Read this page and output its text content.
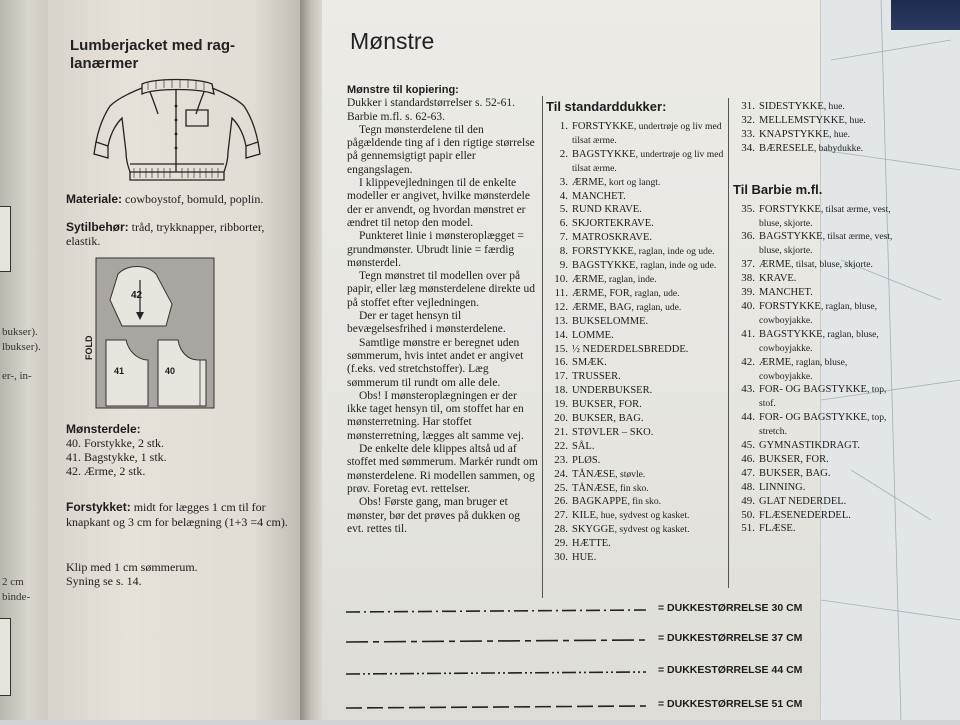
bukser).
lbukser).
er-, in-
2 cm
binde-
Lumberjacket med rag-lanærmer
Materiale: cowboystof, bomuld, poplin.
Sytilbehør: tråd, trykknapper, ribborter, elastik.
42
41	40
FOLD
Mønsterdele:
40. Forstykke, 2 stk.
41. Bagstykke, 1 stk.
42. Ærme, 2 stk.
Forstykket: midt for lægges 1 cm til for knapkant og 3 cm for belægning (1+3 =4 cm).
Klip med 1 cm sømmerum.
Syning se s. 14.
Mønstre

Mønstre til kopiering:

Dukker i standardstørrelser s. 52-61. Barbie m.fl. s. 62-63.

Tegn mønsterdelene til den pågældende ting af i den rigtige størrelse på gennemsigtigt papir eller engangslagen.

I klippevejledningen til de enkelte modeller er angivet, hvilke mønsterdele der er anvendt, og hvordan mønstret er ændret til netop den model.

Punkteret linie i mønsteroplægget = grundmønster. Ubrudt linie = færdig mønsterdel.

Tegn mønstret til modellen over på papir, eller læg mønsterdelene direkte ud på stoffet efter vejledningen.

Der er taget hensyn til bevægelsesfrihed i mønsterdelene.

Samtlige mønstre er beregnet uden sømmerum, hvis intet andet er angivet (f.eks. ved stretchstoffer). Læg sømmerum til rundt om alle dele.

Obs! I mønsteroplægningen er der ikke taget hensyn til, om stoffet har en mønsterretning. Har stoffet mønsterretning, lægges alt samme vej.

De enkelte dele klippes altså ud af stoffet med sømmerum. Markér rundt om mønsterdelene. Ri modellen sammen, og prøv. Foretag evt. rettelser.

Obs! Første gang, man bruger et mønster, bør det prøves på dukken og evt. rettes til.

Til standarddukker:
1. FORSTYKKE, undertrøje og liv med tilsat ærme.
2. BAGSTYKKE, undertrøje og liv med tilsat ærme.
3. ÆRME, kort og langt.
4. MANCHET.
5. RUND KRAVE.
6. SKJORTEKRAVE.
7. MATROSKRAVE.
8. FORSTYKKE, raglan, inde og ude.
9. BAGSTYKKE, raglan, inde og ude.
10. ÆRME, raglan, inde.
11. ÆRME, FOR, raglan, ude.
12. ÆRME, BAG, raglan, ude.
13. BUKSELOMME.
14. LOMME.
15. ½ NEDERDELSBREDDE.
16. SMÆK.
17. TRUSSER.
18. UNDERBUKSER.
19. BUKSER, FOR.
20. BUKSER, BAG.
21. STØVLER – SKO.
22. SÅL.
23. PLØS.
24. TÅNÆSE, støvle.
25. TÅNÆSE, fin sko.
26. BAGKAPPE, fin sko.
27. KILE, hue, sydvest og kasket.
28. SKYGGE, sydvest og kasket.
29. HÆTTE.
30. HUE.
31. SIDESTYKKE, hue.
32. MELLEMSTYKKE, hue.
33. KNAPSTYKKE, hue.
34. BÆRESELE, babydukke.
Til Barbie m.fl.
35. FORSTYKKE, tilsat ærme, vest, bluse, skjorte.
36. BAGSTYKKE, tilsat ærme, vest, bluse, skjorte.
37. ÆRME, tilsat, bluse, skjorte.
38. KRAVE.
39. MANCHET.
40. FORSTYKKE, raglan, bluse, cowboyjakke.
41. BAGSTYKKE, raglan, bluse, cowboyjakke.
42. ÆRME, raglan, bluse, cowboyjakke.
43. FOR- OG BAGSTYKKE, top, stof.
44. FOR- OG BAGSTYKKE, top, stretch.
45. GYMNASTIKDRAGT.
46. BUKSER, FOR.
47. BUKSER, BAG.
48. LINNING.
49. GLAT NEDERDEL.
50. FLÆSENEDERDEL.
51. FLÆSE.
= DUKKESTØRRELSE 30 CM
= DUKKESTØRRELSE 37 CM
= DUKKESTØRRELSE 44 CM
= DUKKESTØRRELSE 51 CM
